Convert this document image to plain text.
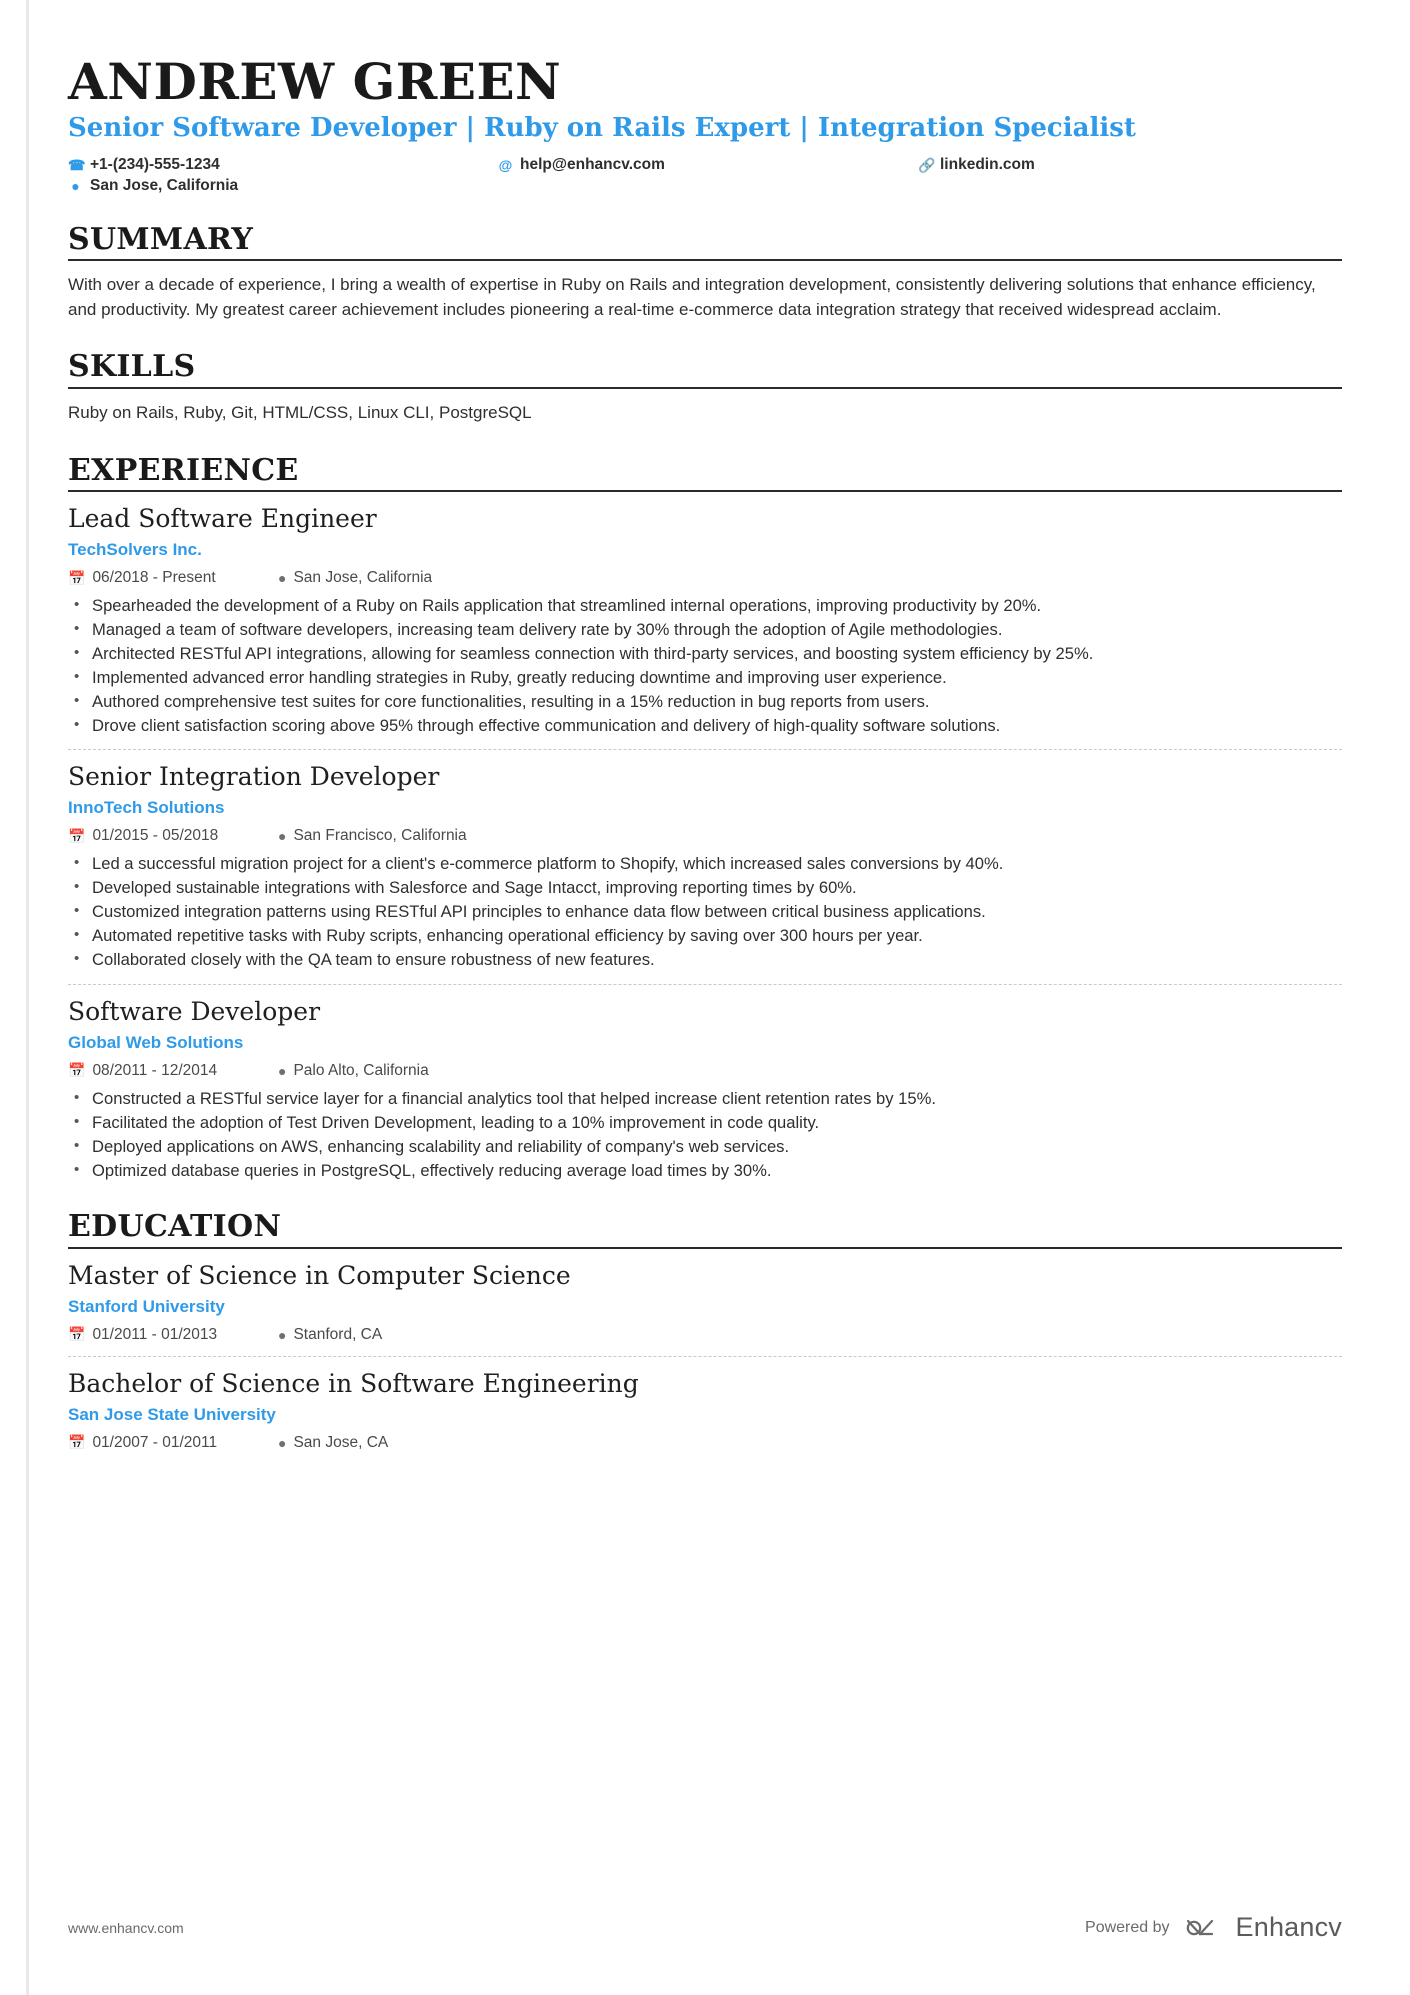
ANDREW GREEN
Senior Software Developer | Ruby on Rails Expert | Integration Specialist
☎ +1-(234)-555-1234	@ help@enhancv.com	🔗 linkedin.com
● San Jose, California
SUMMARY
With over a decade of experience, I bring a wealth of expertise in Ruby on Rails and integration development, consistently delivering solutions that enhance efficiency, and productivity. My greatest career achievement includes pioneering a real-time e-commerce data integration strategy that received widespread acclaim.
SKILLS
Ruby on Rails, Ruby, Git, HTML/CSS, Linux CLI, PostgreSQL
EXPERIENCE
Lead Software Engineer
TechSolvers Inc.
📅 06/2018 - Present	● San Jose, California
• Spearheaded the development of a Ruby on Rails application that streamlined internal operations, improving productivity by 20%.
• Managed a team of software developers, increasing team delivery rate by 30% through the adoption of Agile methodologies.
• Architected RESTful API integrations, allowing for seamless connection with third-party services, and boosting system efficiency by 25%.
• Implemented advanced error handling strategies in Ruby, greatly reducing downtime and improving user experience.
• Authored comprehensive test suites for core functionalities, resulting in a 15% reduction in bug reports from users.
• Drove client satisfaction scoring above 95% through effective communication and delivery of high-quality software solutions.
Senior Integration Developer
InnoTech Solutions
📅 01/2015 - 05/2018	● San Francisco, California
• Led a successful migration project for a client's e-commerce platform to Shopify, which increased sales conversions by 40%.
• Developed sustainable integrations with Salesforce and Sage Intacct, improving reporting times by 60%.
• Customized integration patterns using RESTful API principles to enhance data flow between critical business applications.
• Automated repetitive tasks with Ruby scripts, enhancing operational efficiency by saving over 300 hours per year.
• Collaborated closely with the QA team to ensure robustness of new features.
Software Developer
Global Web Solutions
📅 08/2011 - 12/2014	● Palo Alto, California
• Constructed a RESTful service layer for a financial analytics tool that helped increase client retention rates by 15%.
• Facilitated the adoption of Test Driven Development, leading to a 10% improvement in code quality.
• Deployed applications on AWS, enhancing scalability and reliability of company's web services.
• Optimized database queries in PostgreSQL, effectively reducing average load times by 30%.
EDUCATION
Master of Science in Computer Science
Stanford University
📅 01/2011 - 01/2013	● Stanford, CA
Bachelor of Science in Software Engineering
San Jose State University
📅 01/2007 - 01/2011	● San Jose, CA
www.enhancv.com	Powered by Enhancv
